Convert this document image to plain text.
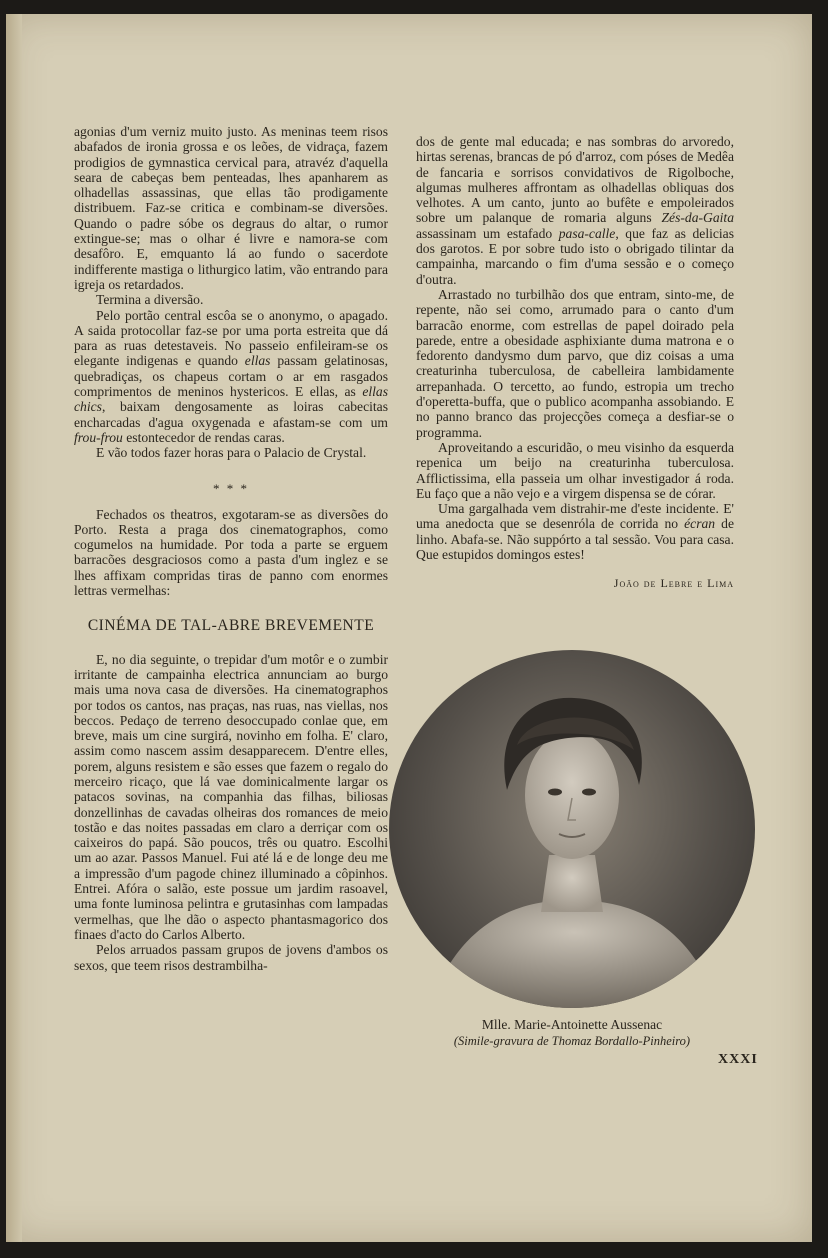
agonias d'um verniz muito justo. As meninas teem risos abafados de ironia grossa e os leões, de vidraça, fazem prodigios de gymnastica cervical para, atravéz d'aquella seara de cabeças bem penteadas, lhes apanharem as olhadellas assassinas, que ellas tão prodigamente distribuem. Faz-se critica e combinam-se diversões. Quando o padre sóbe os degraus do altar, o rumor extingue-se; mas o olhar é livre e namora-se com desafôro. E, emquanto lá ao fundo o sacerdote indifferente mastiga o lithurgico latim, vão entrando para igreja os retardados.

Termina a diversão.

Pelo portão central escôa se o anonymo, o apagado. A saida protocollar faz-se por uma porta estreita que dá para as ruas detestaveis. No passeio enfileiram-se os elegante indigenas e quando ellas passam gelatinosas, quebradiças, os chapeus cortam o ar em rasgados comprimentos de meninos hystericos. E ellas, as ellas chics, baixam dengosamente as loiras cabecitas encharcadas d'agua oxygenada e afastam-se com um frou-frou estontecedor de rendas caras.

E vão todos fazer horas para o Palacio de Crystal.

* * *

Fechados os theatros, exgotaram-se as diversões do Porto. Resta a praga dos cinematographos, como cogumelos na humidade. Por toda a parte se erguem barracões desgraciosos como a pasta d'um inglez e se lhes affixam compridas tiras de panno com enormes lettras vermelhas:

CINÉMA DE TAL-ABRE BREVEMENTE

E, no dia seguinte, o trepidar d'um motôr e o zumbir irritante de campainha electrica annunciam ao burgo mais uma nova casa de diversões. Ha cinematographos por todos os cantos, nas praças, nas ruas, nas viellas, nos beccos. Pedaço de terreno desoccupado conlae que, em breve, mais um cine surgirá, novinho em folha. E' claro, assim como nascem assim desapparecem. D'entre elles, porem, alguns resistem e são esses que fazem o regalo do merceiro ricaço, que lá vae dominicalmente largar os patacos sovinas, na companhia das filhas, biliosas donzellinhas de cavadas olheiras dos romances de meio tostão e das noites passadas em claro a derriçar com os caixeiros do papá. São poucos, três ou quatro. Escolhi um ao azar. Passos Manuel. Fui até lá e de longe deu me a impressão d'um pagode chinez illuminado a côpinhos. Entrei. Afóra o salão, este possue um jardim rasoavel, uma fonte luminosa pelintra e grutasinhas com lampadas vermelhas, que lhe dão o aspecto phantasmagorico dos finaes d'acto do Carlos Alberto.

Pelos arruados passam grupos de jovens d'ambos os sexos, que teem risos destrambilha-

dos de gente mal educada; e nas sombras do arvoredo, hirtas serenas, brancas de pó d'arroz, com póses de Medêa de fancaria e sorrisos convidativos de Rigolboche, algumas mulheres affrontam as olhadellas obliquas dos velhotes. A um canto, junto ao bufête e empoleirados sobre um palanque de romaria alguns Zés-da-Gaita assassinam um estafado pasa-calle, que faz as delicias dos garotos. E por sobre tudo isto o obrigado tilintar da campainha, marcando o fim d'uma sessão e o começo d'outra.

Arrastado no turbilhão dos que entram, sinto-me, de repente, não sei como, arrumado para o canto d'um barracão enorme, com estrellas de papel doirado pela parede, entre a obesidade asphixiante duma matrona e o fedorento dandysmo dum parvo, que diz coisas a uma creaturinha tuberculosa, de cabelleira lambidamente arrepanhada. O tercetto, ao fundo, estropia um trecho d'operetta-buffa, que o publico acompanha assobiando. E no panno branco das projecções começa a desfiar-se o programma.

Aproveitando a escuridão, o meu visinho da esquerda repenica um beijo na creaturinha tuberculosa. Afflictissima, ella passeia um olhar investigador á roda. Eu faço que a não vejo e a virgem dispensa se de córar.

Uma gargalhada vem distrahir-me d'este incidente. E' uma anedocta que se desenróla de corrida no écran de linho. Abafa-se. Não suppórto a tal sessão. Vou para casa. Que estupidos domingos estes!

João de Lebre e Lima
Mlle. Marie-Antoinette Aussenac
(Simile-gravura de Thomaz Bordallo-Pinheiro)
XXXI
